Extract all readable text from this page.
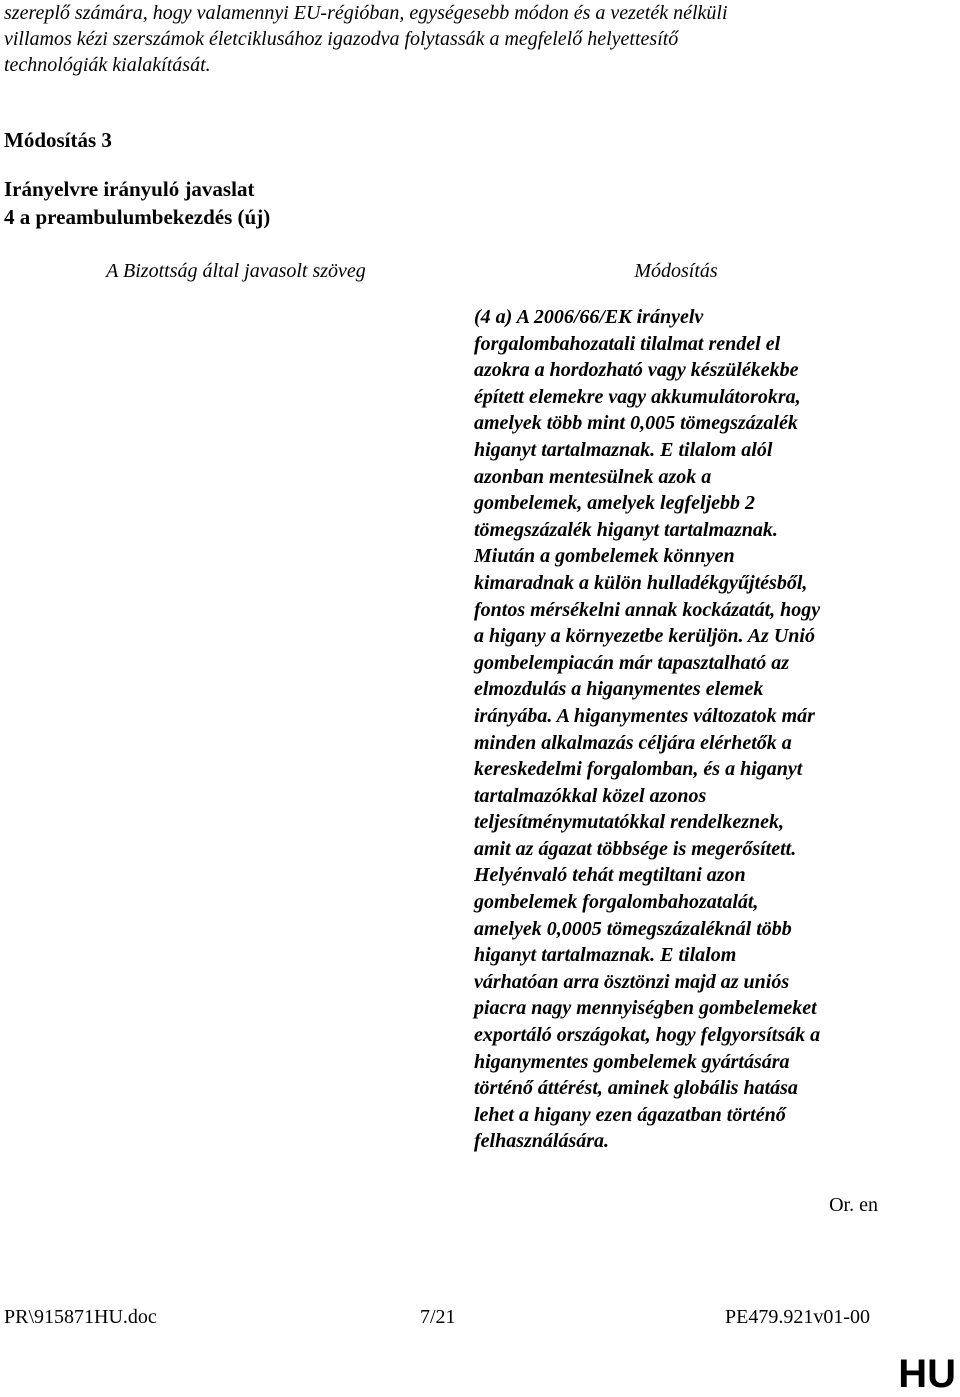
szereplő számára, hogy valamennyi EU-régióban, egységesebb módon és a vezeték nélküli
villamos kézi szerszámok életciklusához igazodva folytassák a megfelelő helyettesítő
technológiák kialakítását.
Módosítás 3
Irányelvre irányuló javaslat
4 a preambulumbekezdés (új)
A Bizottság által javasolt szöveg	Módosítás
(4 a) A 2006/66/EK irányelv
forgalombahozatali tilalmat rendel el
azokra a hordozható vagy készülékekbe
épített elemekre vagy akkumulátorokra,
amelyek több mint 0,005 tömegszázalék
higanyt tartalmaznak. E tilalom alól
azonban mentesülnek azok a
gombelemek, amelyek legfeljebb 2
tömegszázalék higanyt tartalmaznak.
Miután a gombelemek könnyen
kimaradnak a külön hulladékgyűjtésből,
fontos mérsékelni annak kockázatát, hogy
a higany a környezetbe kerüljön. Az Unió
gombelempiacán már tapasztalható az
elmozdulás a higanymentes elemek
irányába. A higanymentes változatok már
minden alkalmazás céljára elérhetők a
kereskedelmi forgalomban, és a higanyt
tartalmazókkal közel azonos
teljesítménymutatókkal rendelkeznek,
amit az ágazat többsége is megerősített.
Helyénvaló tehát megtiltani azon
gombelemek forgalombahozatalát,
amelyek 0,0005 tömegszázaléknál több
higanyt tartalmaznak. E tilalom
várhatóan arra ösztönzi majd az uniós
piacra nagy mennyiségben gombelemeket
exportáló országokat, hogy felgyorsítsák a
higanymentes gombelemek gyártására
történő áttérést, aminek globális hatása
lehet a higany ezen ágazatban történő
felhasználására.
Or. en
PR\915871HU.doc	7/21	PE479.921v01-00
HU
